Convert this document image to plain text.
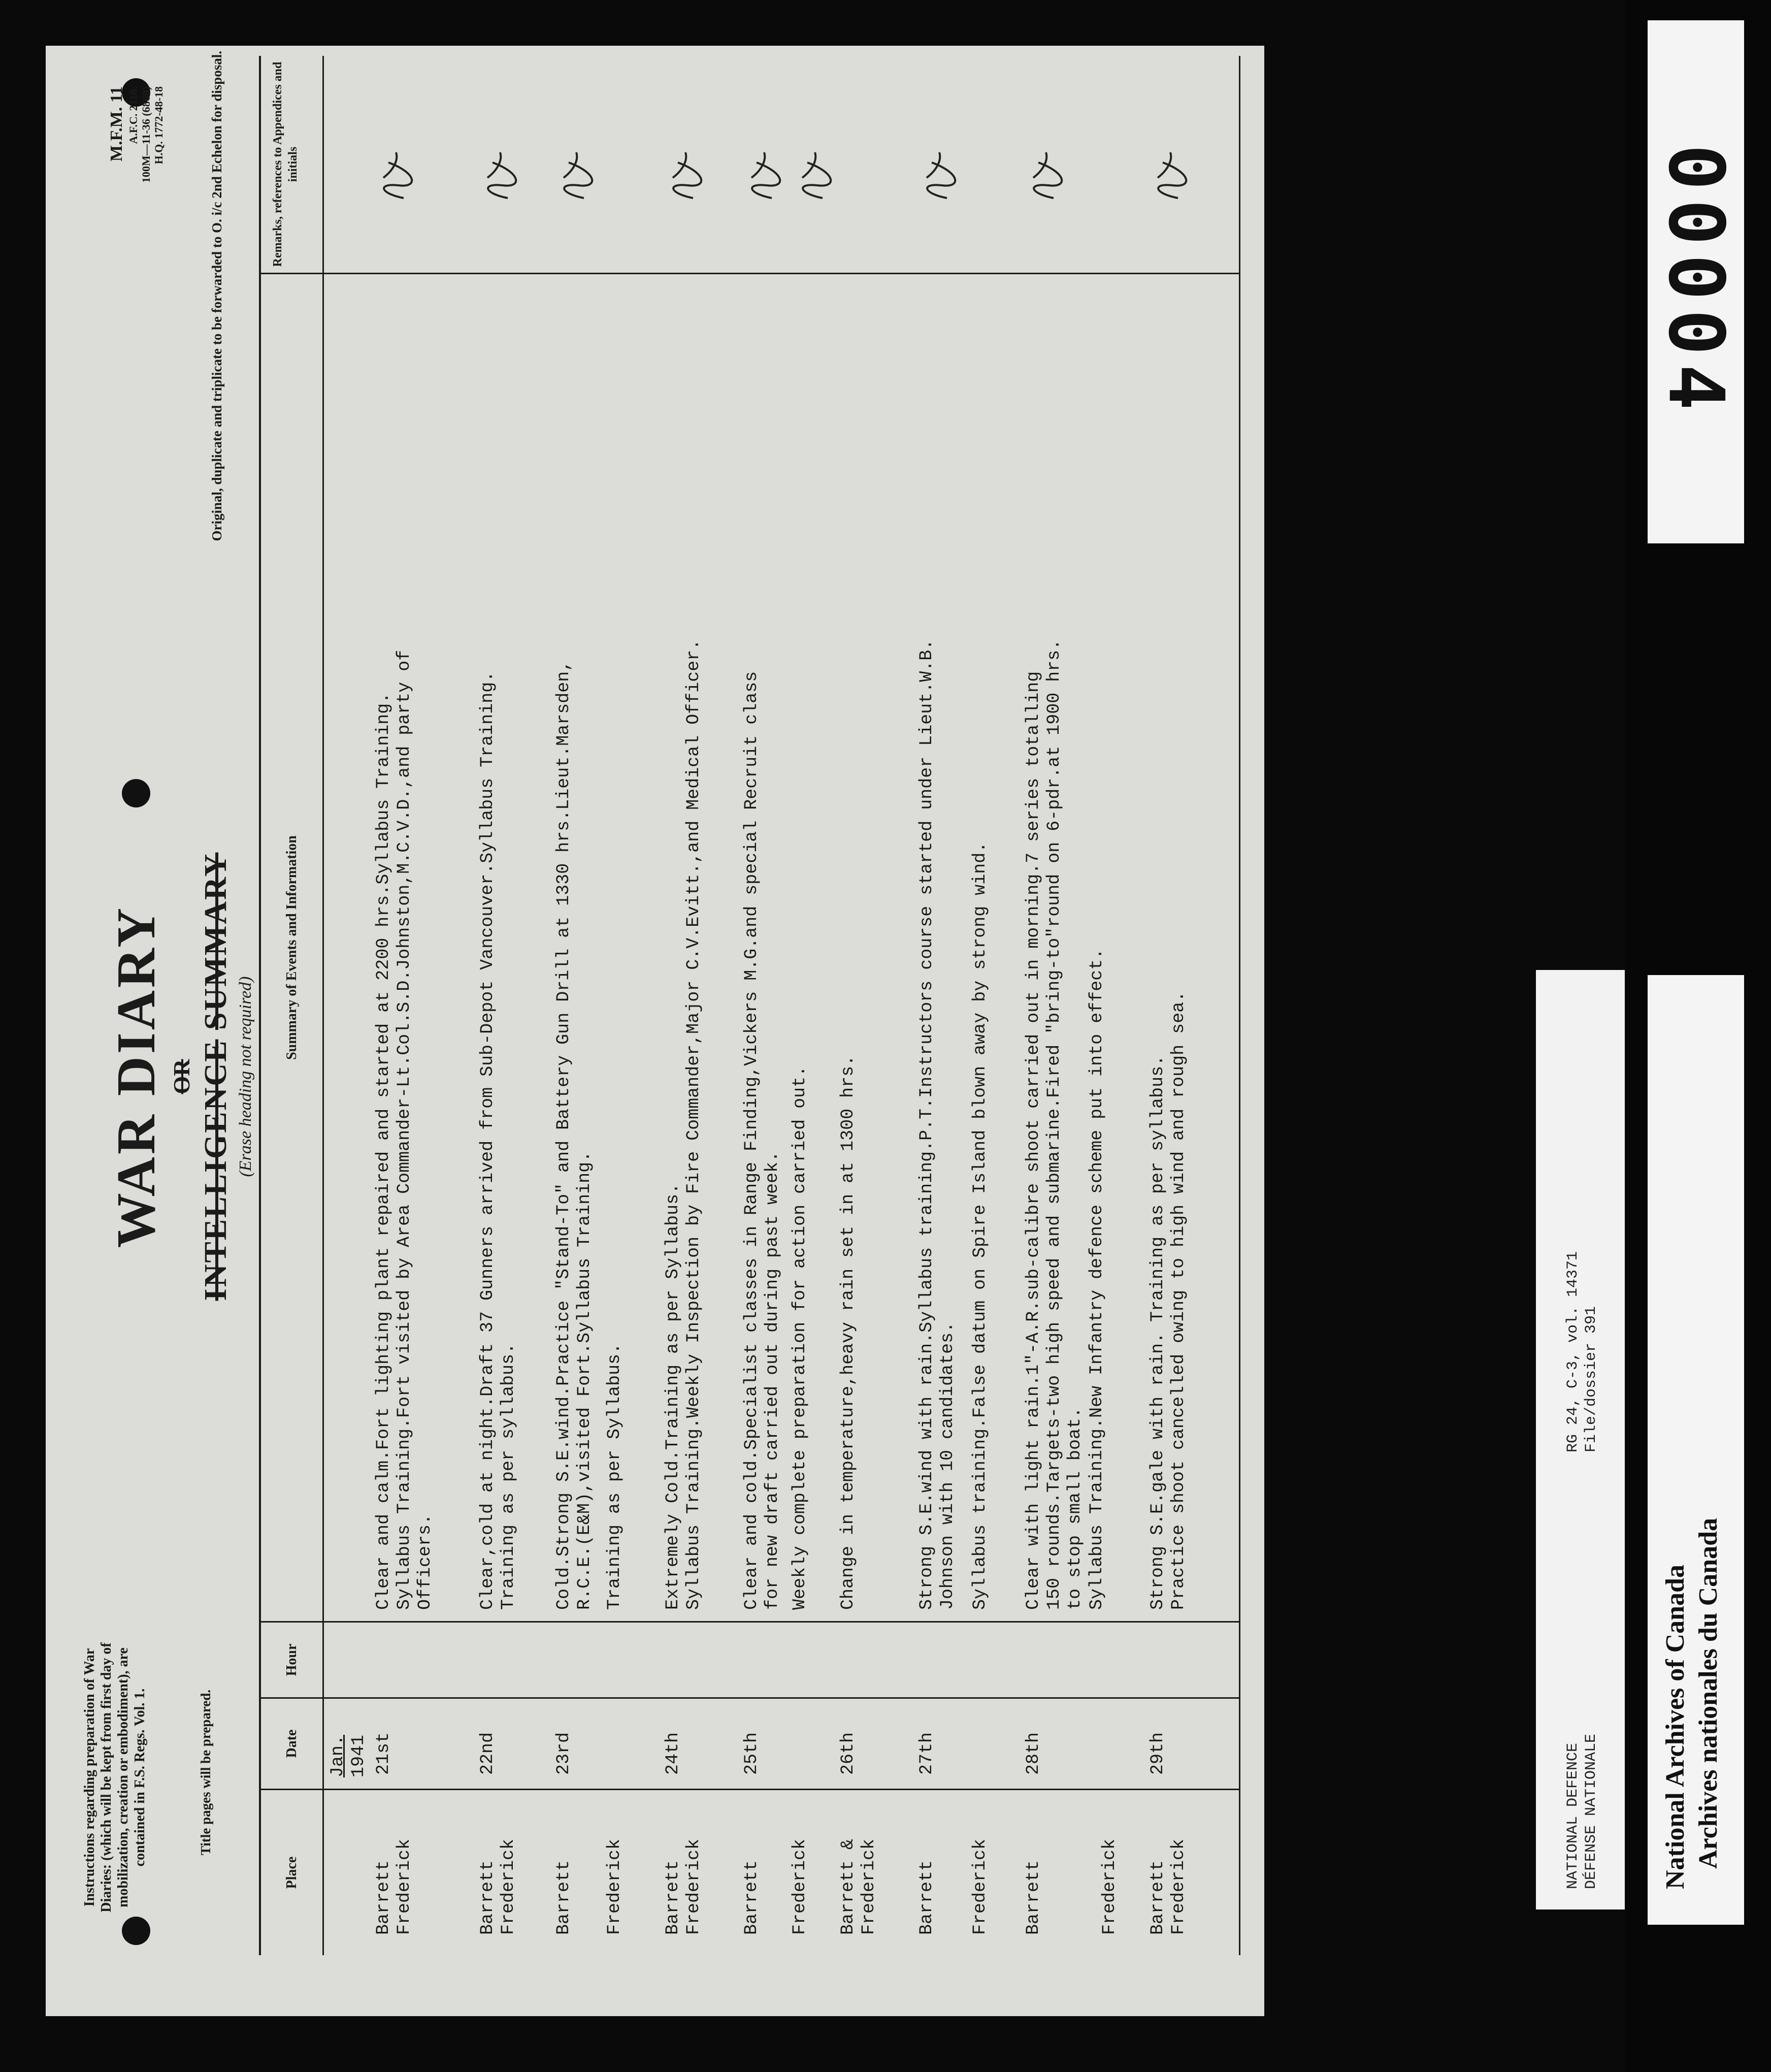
Instructions regarding preparation of War Diaries: (which will be kept from first day of mobilization, creation or embodiment), are contained in F.S. Regs. Vol. 1.	Title pages will be prepared.
WAR DIARY OR INTELLIGENCE SUMMARY
(Erase heading not required)
M.F.M. 11 A.F.C. 2118. 100M—11-36 (6860) H.Q. 1772-48-18	Original, duplicate and triplicate to be forwarded to O. i/c 2nd Echelon for disposal.
Place
Date
Hour
Summary of Events and Information
Remarks, references to Appendices and initials
Jan. 1941
Barrett
Frederick
21st
Clear and calm.Fort lighting plant repaired and started at 2200 hrs.Syllabus Training.
Syllabus Training.Fort visited by Area Commander-Lt.Col.S.D.Johnston,M.C.V.D.,and party of
Officers.
Barrett
Frederick
22nd
Clear,cold at night.Draft 37 Gunners arrived from Sub-Depot Vancouver.Syllabus Training.
Training as per syllabus.
Barrett
23rd
Cold.Strong S.E.wind.Practice "Stand-To" and Battery Gun Drill at 1330 hrs.Lieut.Marsden,
R.C.E.(E&M),visited Fort.Syllabus Training.
Frederick
Training as per Syllabus.
Barrett
Frederick
24th
Extremely Cold.Training as per Syllabus.
Syllabus Training.Weekly Inspection by Fire Commander,Major C.V.Evitt.,and Medical Officer.
Barrett
25th
Clear and cold.Specialist classes in Range Finding,Vickers M.G.and special Recruit class
for new draft carried out during past week.
Frederick
Weekly complete preparation for action carried out.
Barrett &
Frederick
26th
Change in temperature,heavy rain set in at 1300 hrs.
Barrett
27th
Strong S.E.wind with rain.Syllabus training.P.T.Instructors course started under Lieut.W.B.
Johnson with 10 candidates.
Frederick
Syllabus training.False datum on Spire Island blown away by strong wind.
Barrett
28th
Clear with light rain.1"-A.R.sub-calibre shoot carried out in morning.7 series totalling
150 rounds.Targets-two high speed and submarine.Fired "bring-to"round on 6-pdr.at 1900 hrs.
to stop small boat.
Frederick
Syllabus Training.New Infantry defence scheme put into effect.
Barrett
Frederick
29th
Strong S.E.gale with rain. Training as per syllabus.
Practice shoot cancelled owing to high wind and rough sea.
NATIONAL DEFENCE DÉFENSE NATIONALE
RG 24, C-3, vol. 14371 File/dossier 391
00004
National Archives of Canada Archives nationales du Canada
